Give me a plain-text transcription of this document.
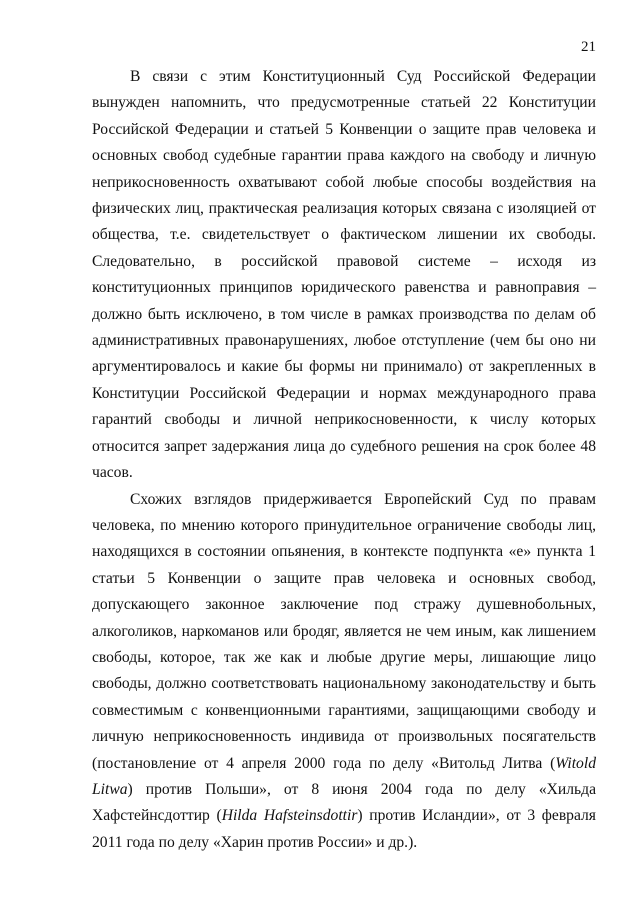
21

В связи с этим Конституционный Суд Российской Федерации вынужден напомнить, что предусмотренные статьей 22 Конституции Российской Федерации и статьей 5 Конвенции о защите прав человека и основных свобод судебные гарантии права каждого на свободу и личную неприкосновенность охватывают собой любые способы воздействия на физических лиц, практическая реализация которых связана с изоляцией от общества, т.е. свидетельствует о фактическом лишении их свободы. Следовательно, в российской правовой системе – исходя из конституционных принципов юридического равенства и равноправия – должно быть исключено, в том числе в рамках производства по делам об административных правонарушениях, любое отступление (чем бы оно ни аргументировалось и какие бы формы ни принимало) от закрепленных в Конституции Российской Федерации и нормах международного права гарантий свободы и личной неприкосновенности, к числу которых относится запрет задержания лица до судебного решения на срок более 48 часов.

Схожих взглядов придерживается Европейский Суд по правам человека, по мнению которого принудительное ограничение свободы лиц, находящихся в состоянии опьянения, в контексте подпункта «е» пункта 1 статьи 5 Конвенции о защите прав человека и основных свобод, допускающего законное заключение под стражу душевнобольных, алкоголиков, наркоманов или бродяг, является не чем иным, как лишением свободы, которое, так же как и любые другие меры, лишающие лицо свободы, должно соответствовать национальному законодательству и быть совместимым с конвенционными гарантиями, защищающими свободу и личную неприкосновенность индивида от произвольных посягательств (постановление от 4 апреля 2000 года по делу «Витольд Литва (Witold Litwa) против Польши», от 8 июня 2004 года по делу «Хильда Хафстейнсдоттир (Hilda Hafsteinsdottir) против Исландии», от 3 февраля 2011 года по делу «Харин против России» и др.).
